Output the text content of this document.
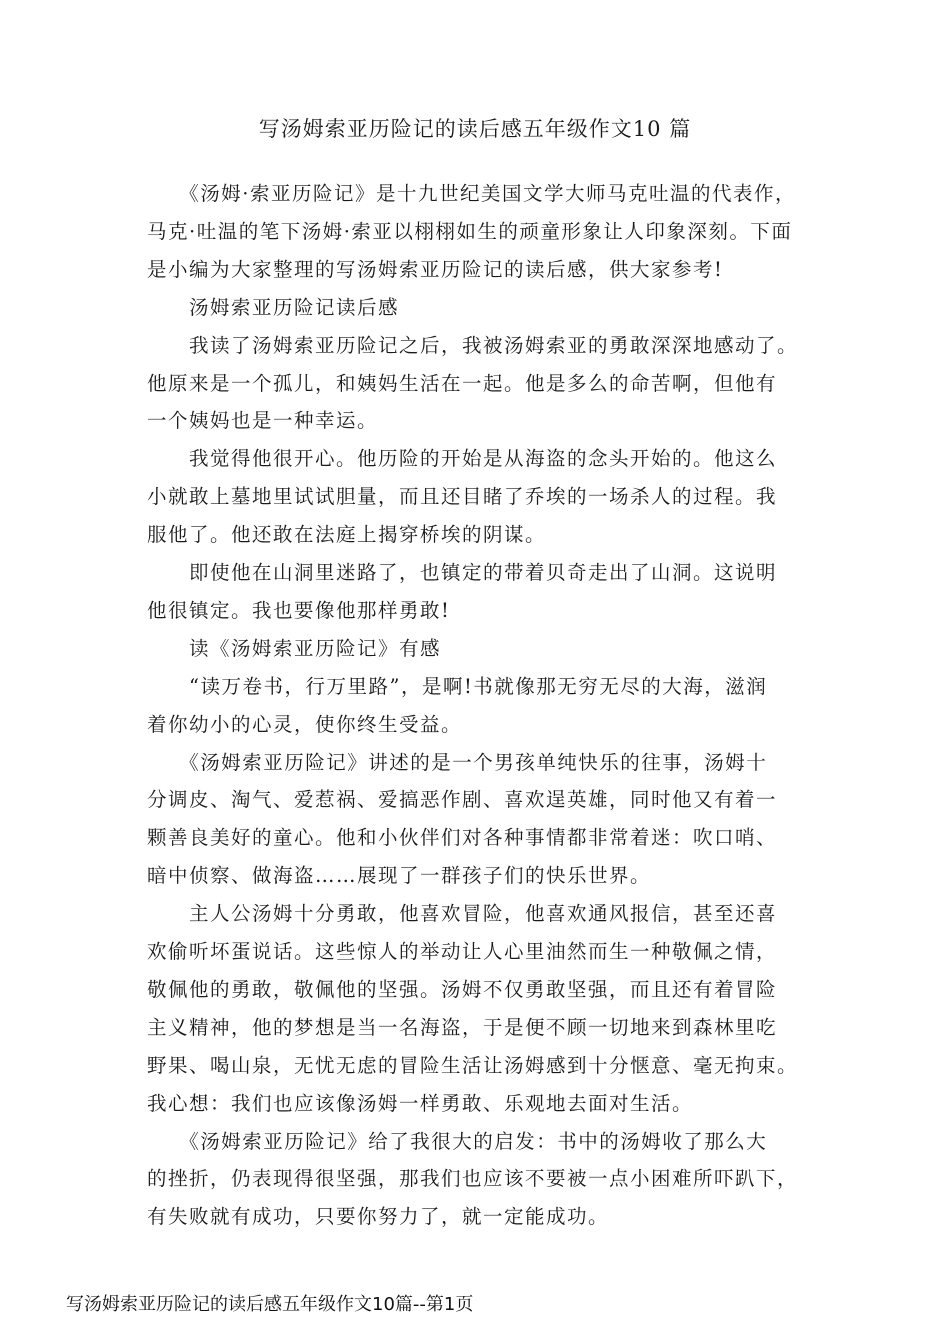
写汤姆索亚历险记的读后感五年级作文10 篇
　　《汤姆·索亚历险记》是十九世纪美国文学大师马克吐温的代表作，
马克·吐温的笔下汤姆·索亚以栩栩如生的顽童形象让人印象深刻。下面
是小编为大家整理的写汤姆索亚历险记的读后感，供大家参考!
　　汤姆索亚历险记读后感
　　我读了汤姆索亚历险记之后，我被汤姆索亚的勇敢深深地感动了。
他原来是一个孤儿，和姨妈生活在一起。他是多么的命苦啊，但他有
一个姨妈也是一种幸运。
　　我觉得他很开心。他历险的开始是从海盗的念头开始的。他这么
小就敢上墓地里试试胆量，而且还目睹了乔埃的一场杀人的过程。我
服他了。他还敢在法庭上揭穿桥埃的阴谋。
　　即使他在山洞里迷路了，也镇定的带着贝奇走出了山洞。这说明
他很镇定。我也要像他那样勇敢!
　　读《汤姆索亚历险记》有感
　　“读万卷书，行万里路”，是啊!书就像那无穷无尽的大海，滋润
着你幼小的心灵，使你终生受益。
　　《汤姆索亚历险记》讲述的是一个男孩单纯快乐的往事，汤姆十
分调皮、淘气、爱惹祸、爱搞恶作剧、喜欢逞英雄，同时他又有着一
颗善良美好的童心。他和小伙伴们对各种事情都非常着迷：吹口哨、
暗中侦察、做海盗……展现了一群孩子们的快乐世界。
　　主人公汤姆十分勇敢，他喜欢冒险，他喜欢通风报信，甚至还喜
欢偷听坏蛋说话。这些惊人的举动让人心里油然而生一种敬佩之情，
敬佩他的勇敢，敬佩他的坚强。汤姆不仅勇敢坚强，而且还有着冒险
主义精神，他的梦想是当一名海盗，于是便不顾一切地来到森林里吃
野果、喝山泉，无忧无虑的冒险生活让汤姆感到十分惬意、毫无拘束。
我心想：我们也应该像汤姆一样勇敢、乐观地去面对生活。
　　《汤姆索亚历险记》给了我很大的启发：书中的汤姆收了那么大
的挫折，仍表现得很坚强，那我们也应该不要被一点小困难所吓趴下，
有失败就有成功，只要你努力了，就一定能成功。
写汤姆索亚历险记的读后感五年级作文10篇--第1页
